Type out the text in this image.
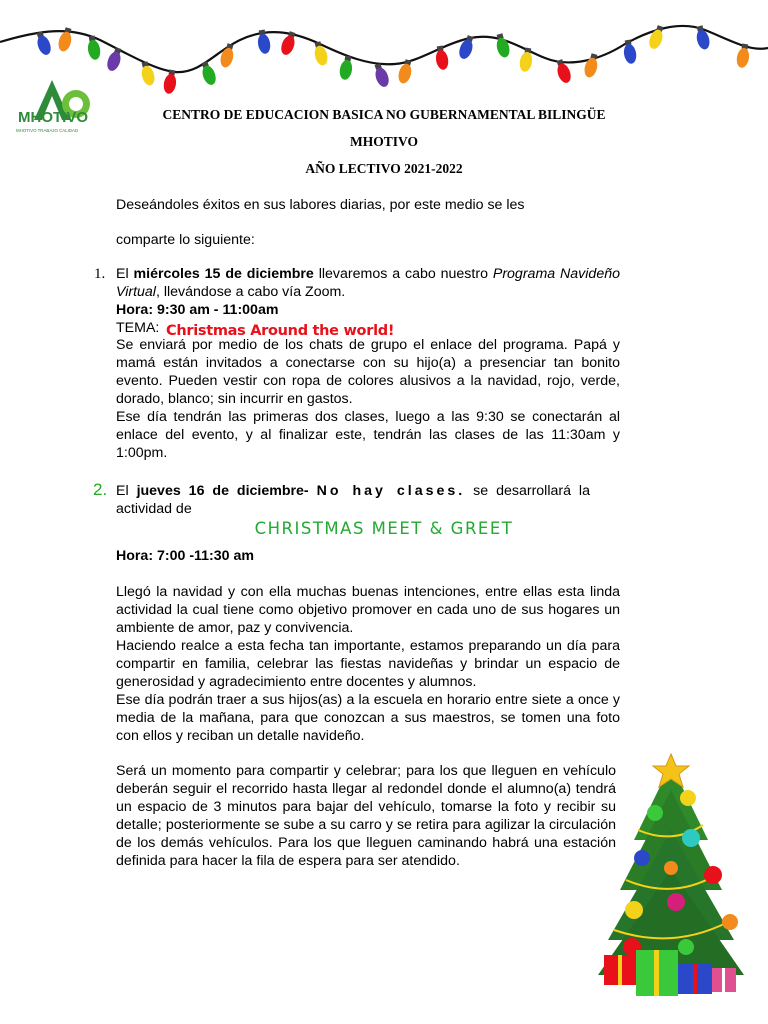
MHOTIVO
MHOTIVO TRABAJO CALIDAD
CENTRO DE EDUCACION BASICA NO GUBERNAMENTAL BILINGÜE
MHOTIVO
AÑO LECTIVO 2021-2022

Deseándoles éxitos en sus labores diarias, por este medio se les

comparte lo siguiente:

1. El miércoles 15 de diciembre llevaremos a cabo nuestro Programa Navideño Virtual, llevándose a cabo vía Zoom.

Hora: 9:30 am - 11:00am

TEMA: Christmas Around the world!

Se enviará por medio de los chats de grupo el enlace del programa. Papá y mamá están invitados a conectarse con su hijo(a) a presenciar tan bonito evento. Pueden vestir con ropa de colores alusivos a la navidad, rojo, verde, dorado, blanco; sin incurrir en gastos.

Ese día tendrán las primeras dos clases, luego a las 9:30 se conectarán al enlace del evento, y al finalizar este, tendrán las clases de las 11:30am y 1:00pm.

2. El jueves 16 de diciembre- No hay clases. se desarrollará la actividad de

CHRISTMAS MEET & GREET

Hora: 7:00 -11:30 am

Llegó la navidad y con ella muchas buenas intenciones, entre ellas esta linda actividad la cual tiene como objetivo promover en cada uno de sus hogares un ambiente de amor, paz y convivencia.

Haciendo realce a esta fecha tan importante, estamos preparando un día para compartir en familia, celebrar las fiestas navideñas y brindar un espacio de generosidad y agradecimiento entre docentes y alumnos.

Ese día podrán traer a sus hijos(as) a la escuela en horario entre siete a once y media de la mañana, para que conozcan a sus maestros, se tomen una foto con ellos y reciban un detalle navideño.

Será un momento para compartir y celebrar; para los que lleguen en vehículo deberán seguir el recorrido hasta llegar al redondel donde el alumno(a) tendrá un espacio de 3 minutos para bajar del vehículo, tomarse la foto y recibir su detalle; posteriormente se sube a su carro y se retira para agilizar la circulación de los demás vehículos. Para los que lleguen caminando habrá una estación definida para hacer la fila de espera para ser atendido.
